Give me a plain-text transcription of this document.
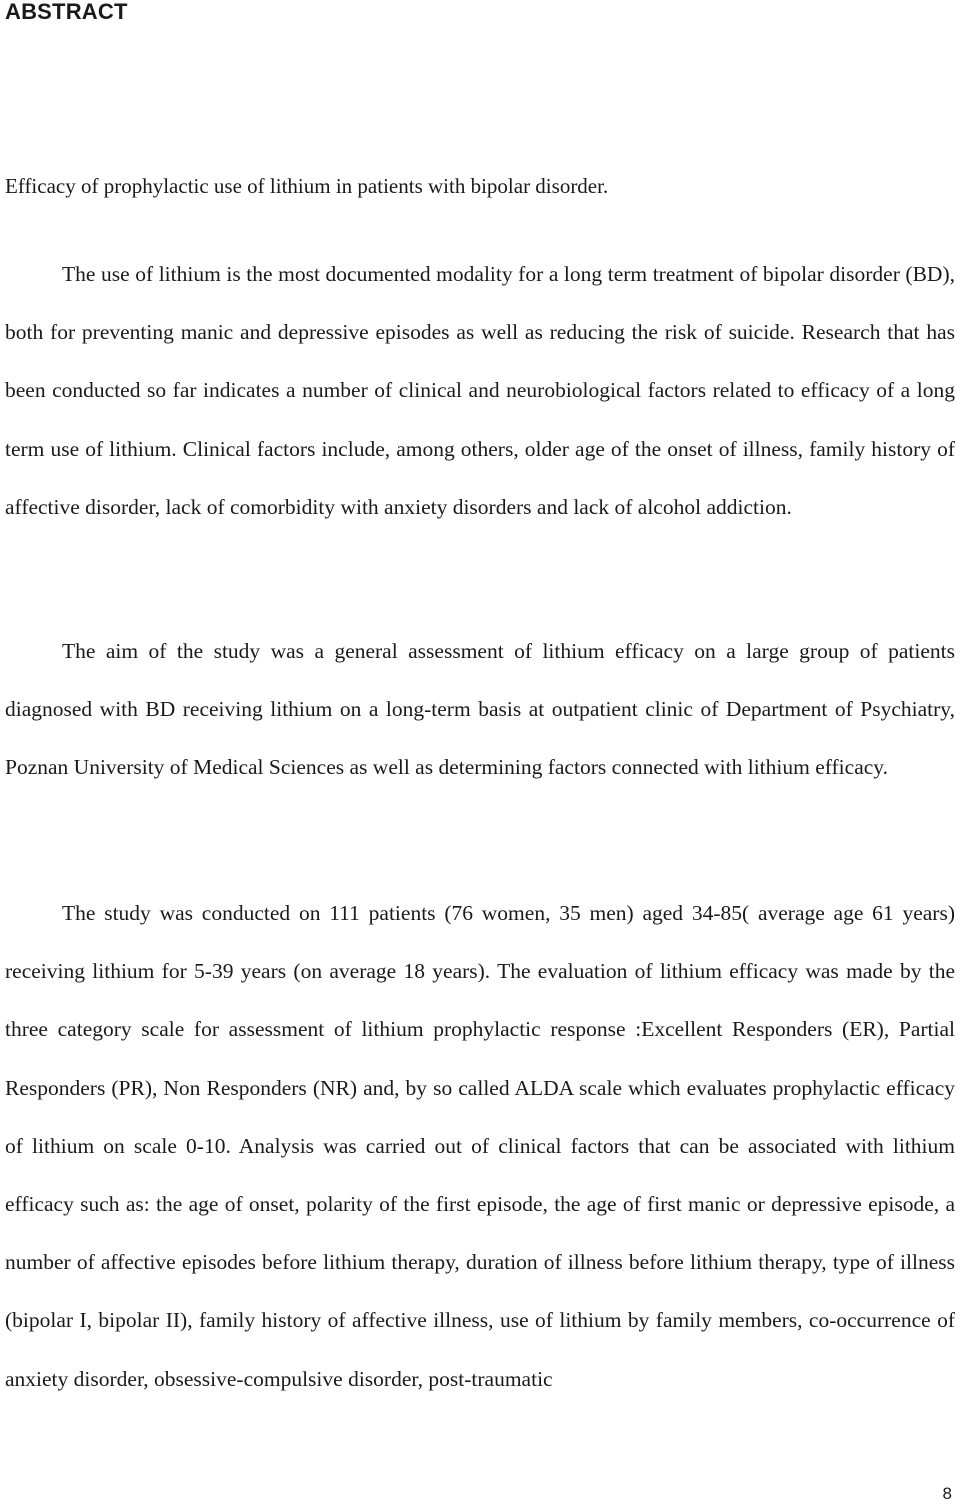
ABSTRACT

Efficacy of prophylactic use of lithium in patients with bipolar disorder.

The use of lithium is the most documented modality for a long term treatment of bipolar disorder (BD), both for preventing manic and depressive episodes as well as reducing the risk of suicide. Research that has been conducted so far indicates a number of clinical and neurobiological factors related to efficacy of a long term use of lithium. Clinical factors include, among others, older age of the onset of illness, family history of affective disorder, lack of comorbidity with anxiety disorders and lack of alcohol addiction.

The aim of the study was a general assessment of lithium efficacy on a large group of patients diagnosed with BD receiving lithium on a long-term basis at outpatient clinic of Department of Psychiatry, Poznan University of Medical Sciences as well as determining factors connected with lithium efficacy.

The study was conducted on 111 patients (76 women, 35 men) aged 34-85( average age 61 years) receiving lithium for 5-39 years (on average 18 years). The evaluation of lithium efficacy was made by the three category scale for assessment of lithium prophylactic response :Excellent Responders (ER), Partial Responders (PR), Non Responders (NR) and, by so called ALDA scale which evaluates prophylactic efficacy of lithium on scale 0-10. Analysis was carried out of clinical factors that can be associated with lithium efficacy such as: the age of onset, polarity of the first episode, the age of first manic or depressive episode, a number of affective episodes before lithium therapy, duration of illness before lithium therapy, type of illness (bipolar I, bipolar II), family history of affective illness, use of lithium by family members, co-occurrence of anxiety disorder, obsessive-compulsive disorder, post-traumatic

8
